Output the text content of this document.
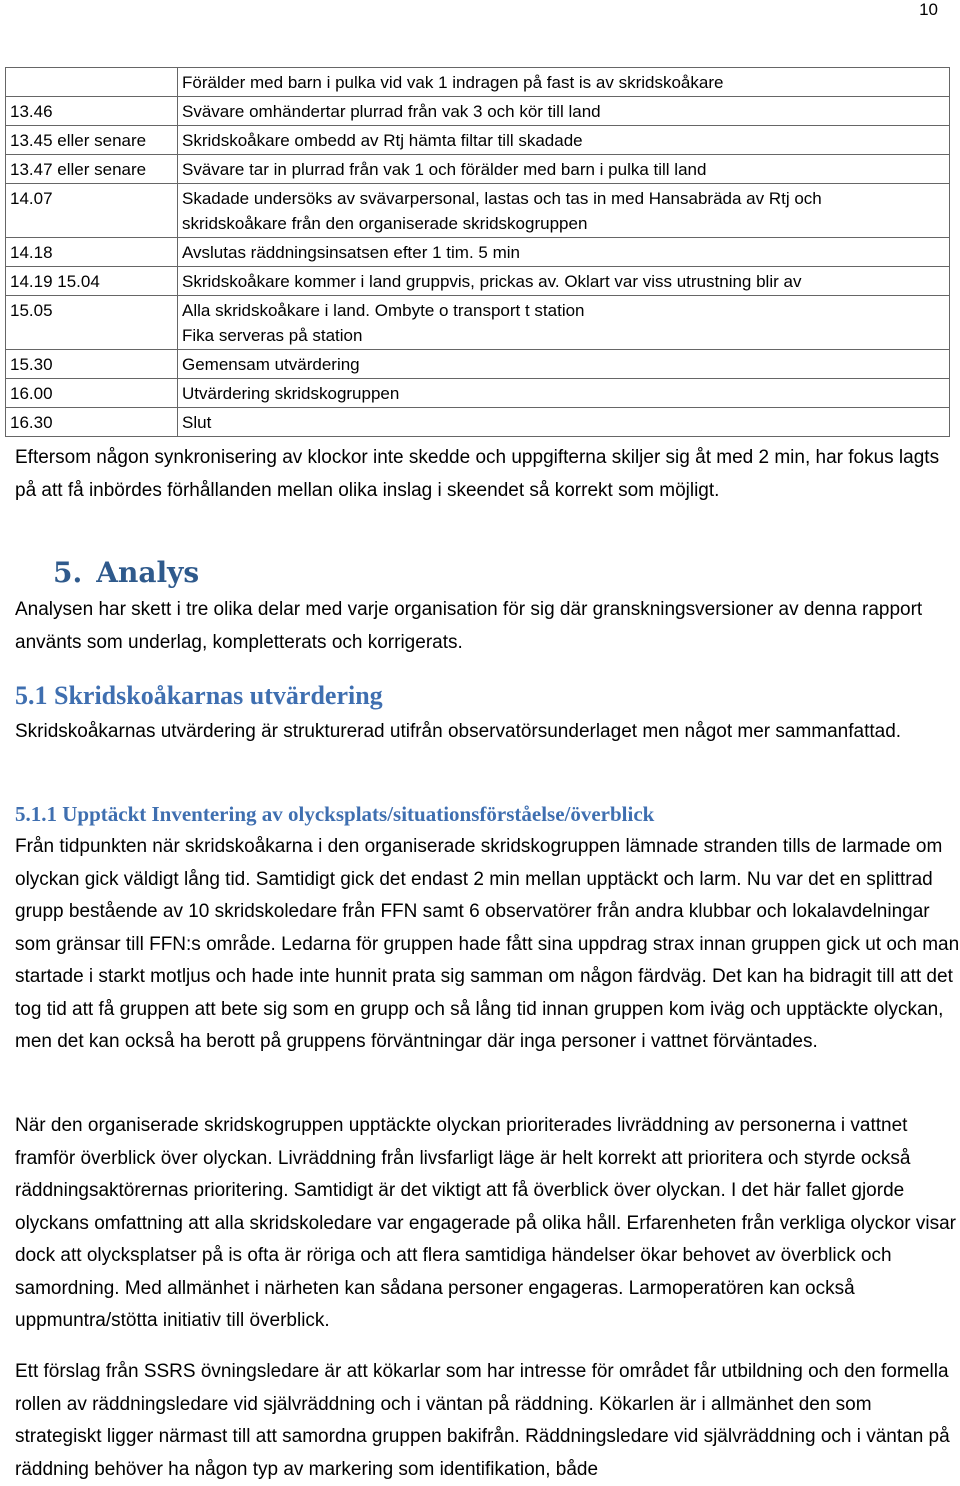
10
	Förälder med barn i pulka vid vak 1 indragen på fast is av skridskoåkare
13.46	Svävare omhändertar plurrad från vak 3 och kör till land
13.45 eller senare	Skridskoåkare ombedd av Rtj hämta filtar till skadade
13.47 eller senare	Svävare tar in plurrad från vak 1 och förälder med barn i pulka till land
14.07	Skadade undersöks av svävarpersonal, lastas och tas in med Hansabräda av Rtj och
skridskoåkare från den organiserade skridskogruppen

14.18	Avslutas räddningsinsatsen efter 1 tim. 5 min
14.19 15.04	Skridskoåkare kommer i land gruppvis, prickas av. Oklart var viss utrustning blir av
15.05	Alla skridskoåkare i land. Ombyte o transport t station
Fika serveras på station

15.30	Gemensam utvärdering
16.00	Utvärdering skridskogruppen
16.30	Slut

Eftersom någon synkronisering av klockor inte skedde och uppgifterna skiljer sig åt med 2 min, har fokus lagts på att få inbördes förhållanden mellan olika inslag i skeendet så korrekt som möjligt.

5. Analys

Analysen har skett i tre olika delar med varje organisation för sig där granskningsversioner av denna rapport använts som underlag, kompletterats och korrigerats.

5.1 Skridskoåkarnas utvärdering

Skridskoåkarnas utvärdering är strukturerad utifrån observatörsunderlaget men något mer sammanfattad.

5.1.1 Upptäckt Inventering av olycksplats/situationsförståelse/överblick

Från tidpunkten när skridskoåkarna i den organiserade skridskogruppen lämnade stranden tills de larmade om olyckan gick väldigt lång tid. Samtidigt gick det endast 2 min mellan upptäckt och larm. Nu var det en splittrad grupp bestående av 10 skridskoledare från FFN samt 6 observatörer från andra klubbar och lokalavdelningar som gränsar till FFN:s område. Ledarna för gruppen hade fått sina uppdrag strax innan gruppen gick ut och man startade i starkt motljus och hade inte hunnit prata sig samman om någon färdväg. Det kan ha bidragit till att det tog tid att få gruppen att bete sig som en grupp och så lång tid innan gruppen kom iväg och upptäckte olyckan, men det kan också ha berott på gruppens förväntningar där inga personer i vattnet förväntades.

När den organiserade skridskogruppen upptäckte olyckan prioriterades livräddning av personerna i vattnet framför överblick över olyckan. Livräddning från livsfarligt läge är helt korrekt att prioritera och styrde också räddningsaktörernas prioritering. Samtidigt är det viktigt att få överblick över olyckan. I det här fallet gjorde olyckans omfattning att alla skridskoledare var engagerade på olika håll. Erfarenheten från verkliga olyckor visar dock att olycksplatser på is ofta är röriga och att flera samtidiga händelser ökar behovet av överblick och samordning. Med allmänhet i närheten kan sådana personer engageras. Larmoperatören kan också uppmuntra/stötta initiativ till överblick.

Ett förslag från SSRS övningsledare är att kökarlar som har intresse för området får utbildning och den formella rollen av räddningsledare vid självräddning och i väntan på räddning. Kökarlen är i allmänhet den som strategiskt ligger närmast till att samordna gruppen bakifrån. Räddningsledare vid självräddning och i väntan på räddning behöver ha någon typ av markering som identifikation, både
